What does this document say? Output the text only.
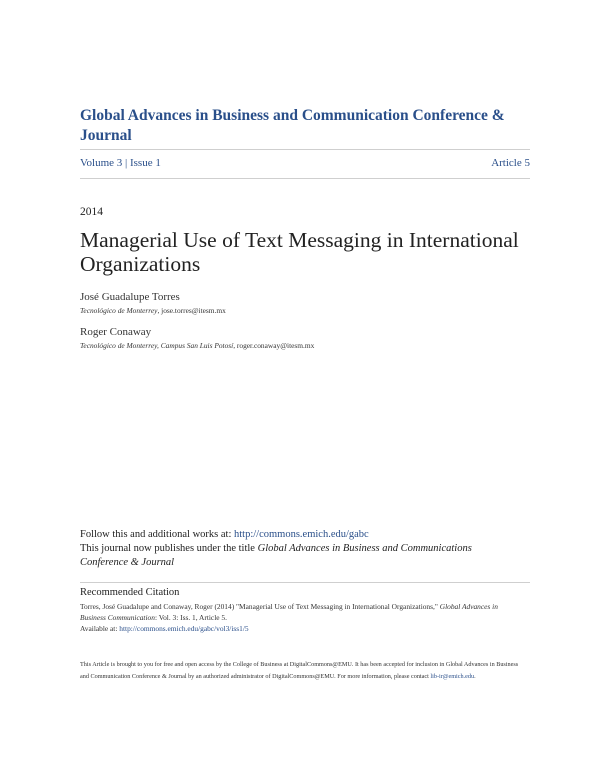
Global Advances in Business and Communication Conference & Journal
Volume 3 | Issue 1	Article 5
2014
Managerial Use of Text Messaging in International Organizations
José Guadalupe Torres
Tecnológico de Monterrey, jose.torres@itesm.mx
Roger Conaway
Tecnológico de Monterrey, Campus San Luis Potosí, roger.conaway@itesm.mx
Follow this and additional works at: http://commons.emich.edu/gabc
This journal now publishes under the title Global Advances in Business and Communications Conference & Journal
Recommended Citation
Torres, José Guadalupe and Conaway, Roger (2014) "Managerial Use of Text Messaging in International Organizations," Global Advances in Business Communication: Vol. 3: Iss. 1, Article 5.
Available at: http://commons.emich.edu/gabc/vol3/iss1/5
This Article is brought to you for free and open access by the College of Business at DigitalCommons@EMU. It has been accepted for inclusion in Global Advances in Business and Communication Conference & Journal by an authorized administrator of DigitalCommons@EMU. For more information, please contact lib-ir@emich.edu.
